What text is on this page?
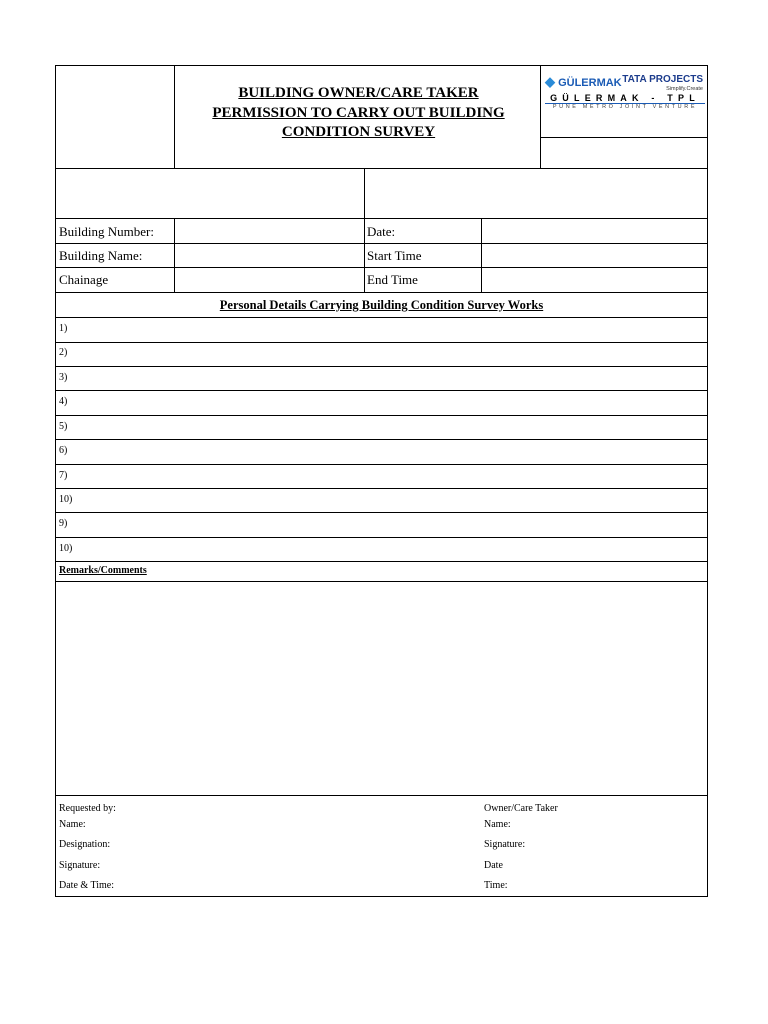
BUILDING OWNER/CARE TAKER
PERMISSION TO CARRY OUT BUILDING
CONDITION SURVEY
◆ GÜLERMAK TATA PROJECTS
Simplify.Create
GÜLERMAK - TPL
PUNE METRO JOINT VENTURE
Building Number:	Date:
Building Name:	Start Time
Chainage	End Time
Personal Details Carrying Building Condition Survey Works
1)
2)
3)
4)
5)
6)
7)
10)
9)
10)
Remarks/Comments
Requested by:
Name:
Designation:
Signature:
Date & Time:
Owner/Care Taker
Name:
Signature:
Date
Time:
